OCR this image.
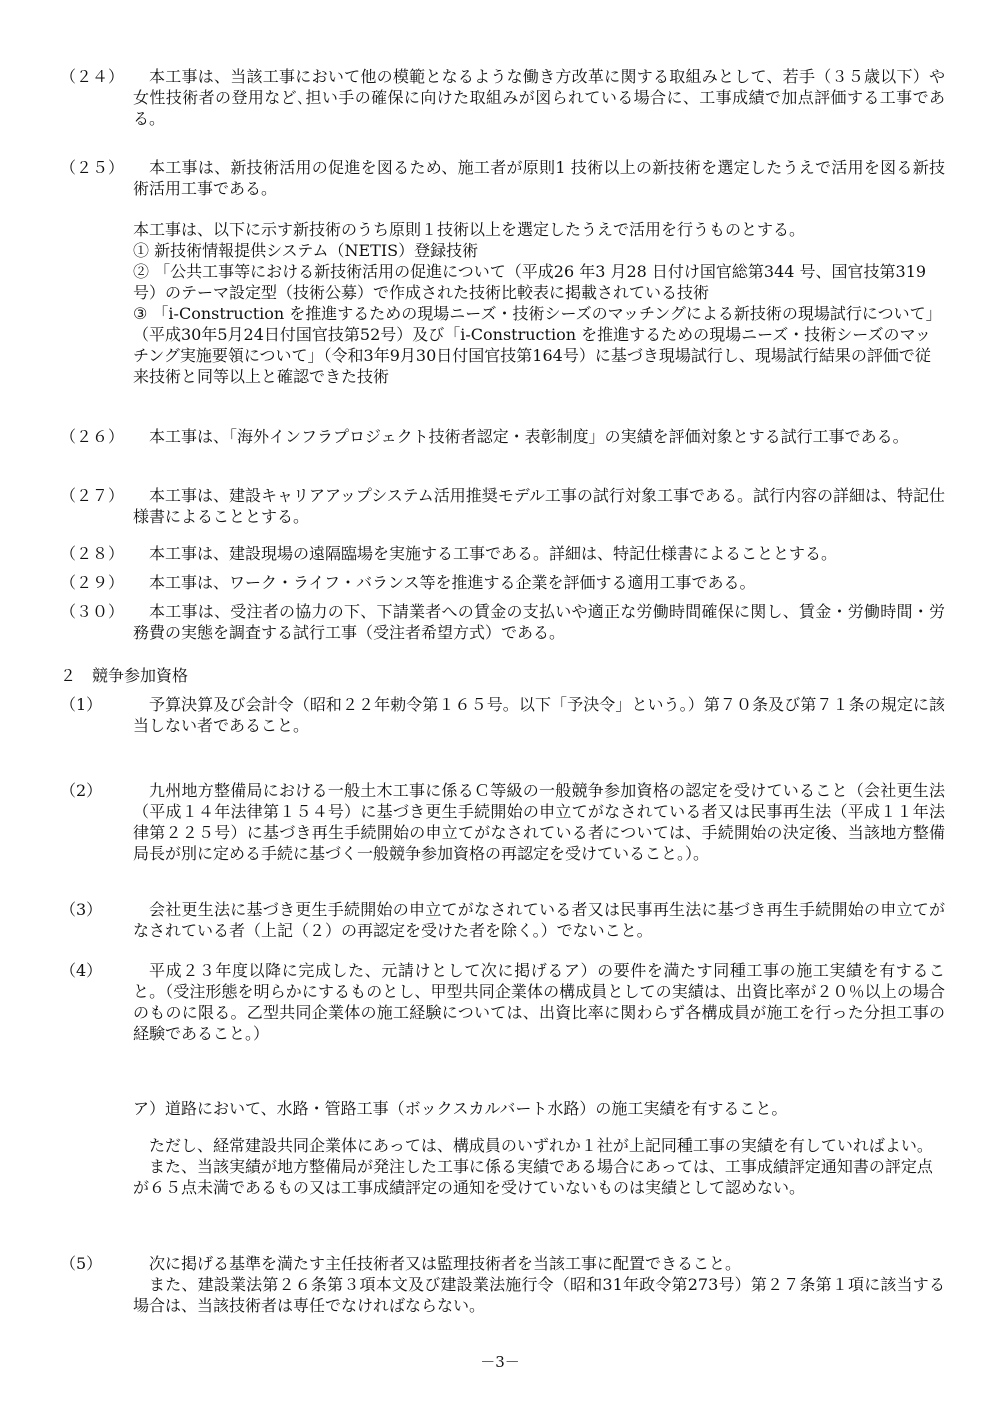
（２４）	本工事は、当該工事において他の模範となるような働き方改革に関する取組みとして、若手（３５歳以下）や女性技術者の登用など､担い手の確保に向けた取組みが図られている場合に、工事成績で加点評価する工事である。

（２５）	本工事は、新技術活用の促進を図るため、施工者が原則1 技術以上の新技術を選定したうえで活用を図る新技術活用工事である。

本工事は、以下に示す新技術のうち原則１技術以上を選定したうえで活用を行うものとする。

① 新技術情報提供システム（NETIS）登録技術

② 「公共工事等における新技術活用の促進について（平成26 年3 月28 日付け国官総第344 号、国官技第319 号）のテーマ設定型（技術公募）で作成された技術比較表に掲載されている技術

③ 「i-Construction を推進するための現場ニーズ・技術シーズのマッチングによる新技術の現場試行について」（平成30年5月24日付国官技第52号）及び「i-Construction を推進するための現場ニーズ・技術シーズのマッチング実施要領について」（令和3年9月30日付国官技第164号）に基づき現場試行し、現場試行結果の評価で従来技術と同等以上と確認できた技術

（２６）	本工事は、「海外インフラプロジェクト技術者認定・表彰制度」の実績を評価対象とする試行工事である。

（２７）	本工事は、建設キャリアアップシステム活用推奨モデル工事の試行対象工事である。試行内容の詳細は、特記仕様書によることとする。

（２８）	本工事は、建設現場の遠隔臨場を実施する工事である。詳細は、特記仕様書によることとする。

（２９）	本工事は、ワーク・ライフ・バランス等を推進する企業を評価する適用工事である。

（３０）	本工事は、受注者の協力の下、下請業者への賃金の支払いや適正な労働時間確保に関し、賃金・労働時間・労務費の実態を調査する試行工事（受注者希望方式）である。

２　競争参加資格
（1）	予算決算及び会計令（昭和２２年勅令第１６５号。以下「予決令」という。）第７０条及び第７１条の規定に該当しない者であること。

（2）	九州地方整備局における一般土木工事に係るＣ等級の一般競争参加資格の認定を受けていること（会社更生法（平成１４年法律第１５４号）に基づき更生手続開始の申立てがなされている者又は民事再生法（平成１１年法律第２２５号）に基づき再生手続開始の申立てがなされている者については、手続開始の決定後、当該地方整備局長が別に定める手続に基づく一般競争参加資格の再認定を受けていること。）。

（3）	会社更生法に基づき更生手続開始の申立てがなされている者又は民事再生法に基づき再生手続開始の申立てがなされている者（上記（２）の再認定を受けた者を除く。）でないこと。

（4）	平成２３年度以降に完成した、元請けとして次に掲げるア）の要件を満たす同種工事の施工実績を有すること。（受注形態を明らかにするものとし、甲型共同企業体の構成員としての実績は、出資比率が２０％以上の場合のものに限る。乙型共同企業体の施工経験については、出資比率に関わらず各構成員が施工を行った分担工事の経験であること。）

ア）道路において、水路・管路工事（ボックスカルバート水路）の施工実績を有すること。

ただし、経常建設共同企業体にあっては、構成員のいずれか１社が上記同種工事の実績を有していればよい。

また、当該実績が地方整備局が発注した工事に係る実績である場合にあっては、工事成績評定通知書の評定点が６５点未満であるもの又は工事成績評定の通知を受けていないものは実績として認めない。

（5）	次に掲げる基準を満たす主任技術者又は監理技術者を当該工事に配置できること。

また、建設業法第２６条第３項本文及び建設業法施行令（昭和31年政令第273号）第２７条第１項に該当する場合は、当該技術者は専任でなければならない。

－3－
